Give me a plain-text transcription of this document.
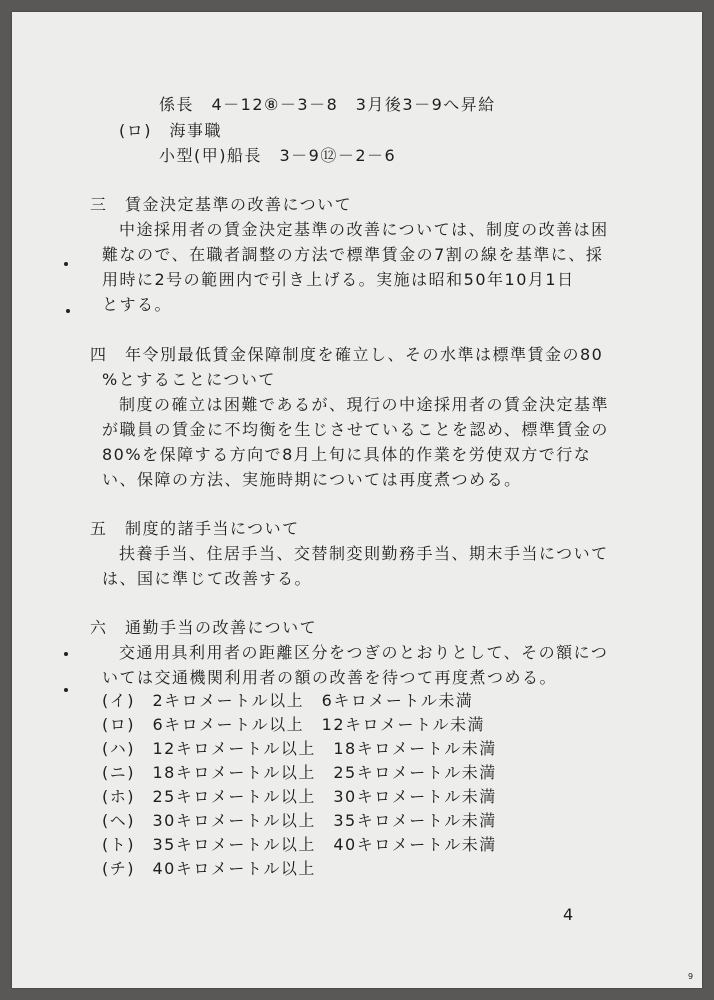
係長　4－12⑧－3－8　3月後3－9へ昇給
(ロ)　海事職
小型(甲)船長　3－9⑫－2－6
三　賃金決定基準の改善について
中途採用者の賃金決定基準の改善については、制度の改善は困
難なので、在職者調整の方法で標準賃金の7割の線を基準に、採
用時に2号の範囲内で引き上げる。実施は昭和50年10月1日
とする。
四　年令別最低賃金保障制度を確立し、その水準は標準賃金の80
%とすることについて
制度の確立は困難であるが、現行の中途採用者の賃金決定基準
が職員の賃金に不均衡を生じさせていることを認め、標準賃金の
80%を保障する方向で8月上旬に具体的作業を労使双方で行な
い、保障の方法、実施時期については再度煮つめる。
五　制度的諸手当について
扶養手当、住居手当、交替制変則勤務手当、期末手当について
は、国に準じて改善する。
六　通勤手当の改善について
交通用具利用者の距離区分をつぎのとおりとして、その額につ
いては交通機関利用者の額の改善を待つて再度煮つめる。
(イ)　2キロメートル以上　6キロメートル未満
(ロ)　6キロメートル以上　12キロメートル未満
(ハ)　12キロメートル以上　18キロメートル未満
(ニ)　18キロメートル以上　25キロメートル未満
(ホ)　25キロメートル以上　30キロメートル未満
(ヘ)　30キロメートル以上　35キロメートル未満
(ト)　35キロメートル以上　40キロメートル未満
(チ)　40キロメートル以上
4
9
